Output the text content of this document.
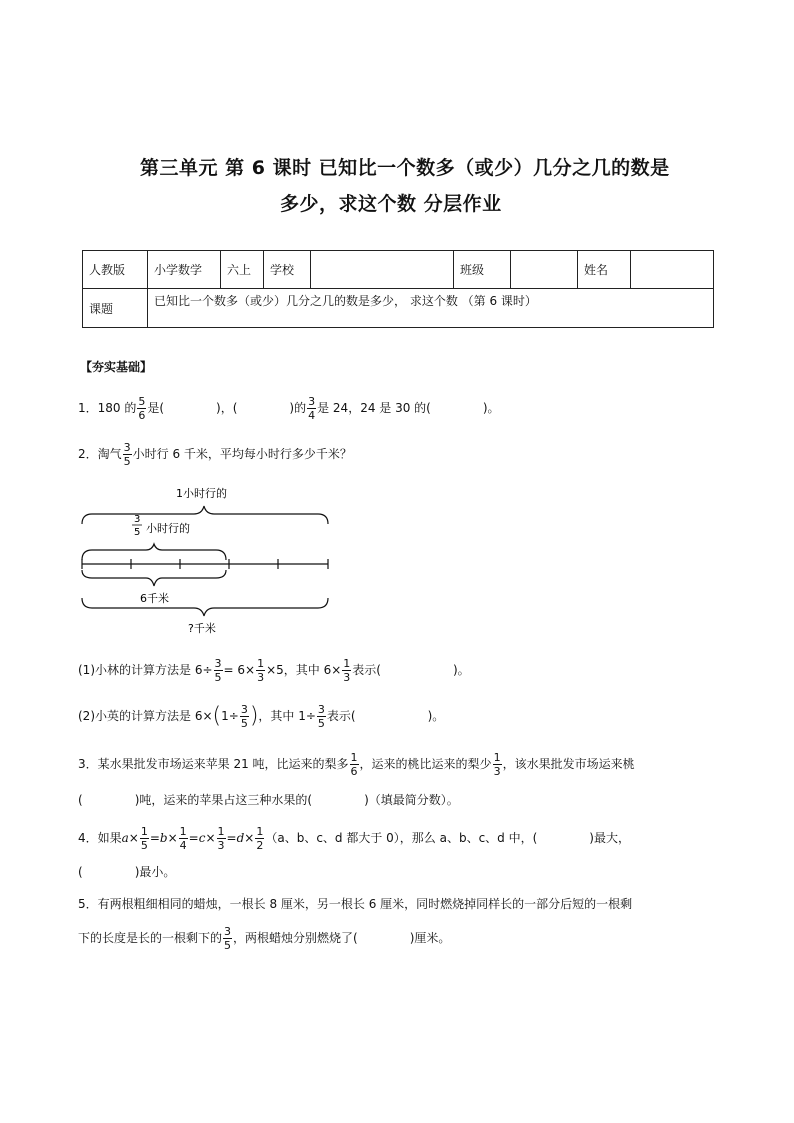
第三单元 第 6 课时 已知比一个数多（或少）几分之几的数是
多少，求这个数 分层作业
人教版	小学数学	六上	学校		班级		姓名	
课题	已知比一个数多（或少）几分之几的数是多少， 求这个数 （第 6 课时）							
【夯实基础】
1．180 的 $\frac{5}{6}$ 是(	)，(	)的 $\frac{3}{4}$ 是 24，24 是 30 的(	)。
2．淘气 $\frac{3}{5}$ 小时行 6 千米，平均每小时行多少千米？
1小时行的
3
5 小时行的
6千米
?千米
(1)小林的计算方法是 $6\div \frac{3}{5} = 6\times \frac{1}{3} \times 5$，其中 $6\times \frac{1}{3}$ 表示(	)。
(2)小英的计算方法是 $6\times(1\div \frac{3}{5}$ )，其中 $1\div \frac{3}{5}$ 表示(	)。
3．某水果批发市场运来苹果 21 吨，比运来的梨多 $\frac{1}{6}$ ，运来的桃比运来的梨少 $\frac{1}{3}$ ，该水果批发市场运来桃
(	)吨，运来的苹果占这三种水果的(	)（填最简分数）。
4．如果$a\times \frac{1}{5} =b\times \frac{1}{4} =c\times \frac{1}{3} =d\times \frac{1}{2} (a$、b、c、d 都大于 0），那么 a、b、c、d 中，(	)最大，
(	)最小。
5．有两根粗细相同的蜡烛，一根长 8 厘米，另一根长 6 厘米，同时燃烧掉同样长的一部分后短的一根剩
下的长度是长的一根剩下的 $\frac{3}{5}$ ，两根蜡烛分别燃烧了(	)厘米。
